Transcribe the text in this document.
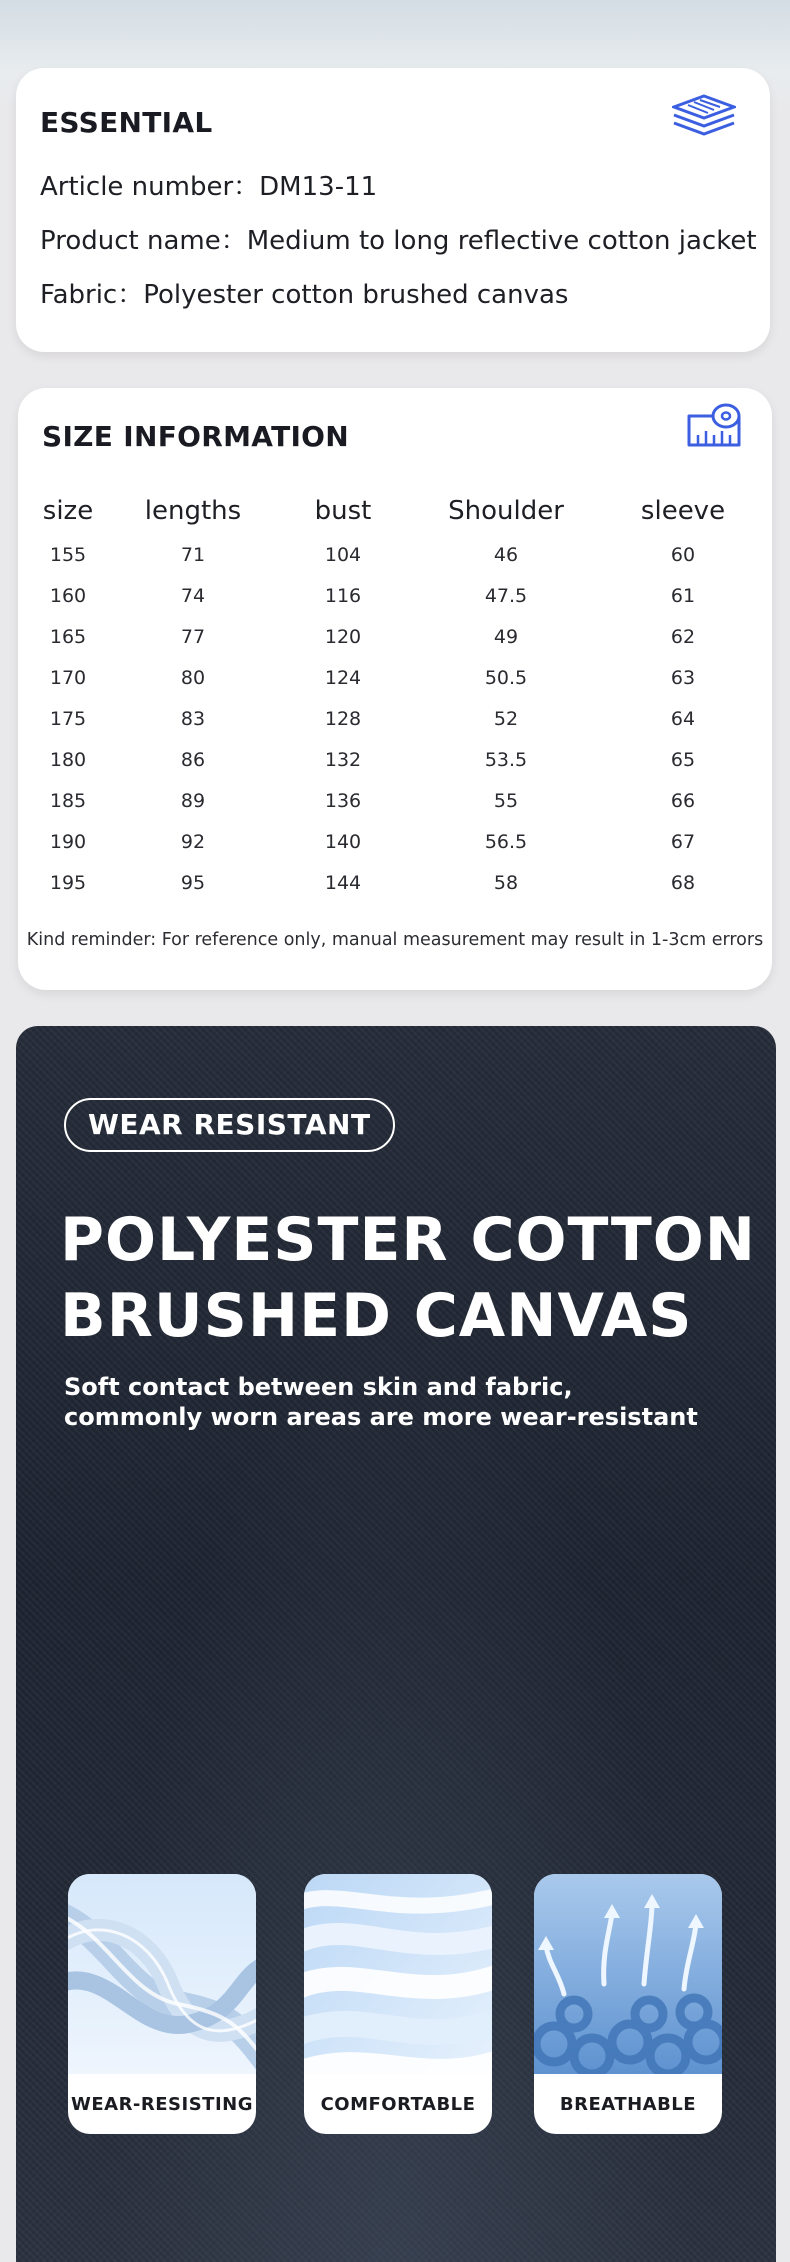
ESSENTIAL
Article number：DM13-11
Product name：Medium to long reflective cotton jacket
Fabric：Polyester cotton brushed canvas
SIZE INFORMATION
size	lengths	bust	Shoulder	sleeve
155	71	104	46	60
160	74	116	47.5	61
165	77	120	49	62
170	80	124	50.5	63
175	83	128	52	64
180	86	132	53.5	65
185	89	136	55	66
190	92	140	56.5	67
195	95	144	58	68
Kind reminder: For reference only, manual measurement may result in 1-3cm errors
WEAR RESISTANT
POLYESTER COTTON
BRUSHED CANVAS
Soft contact between skin and fabric,
commonly worn areas are more wear-resistant
WEAR-RESISTING	COMFORTABLE	BREATHABLE
